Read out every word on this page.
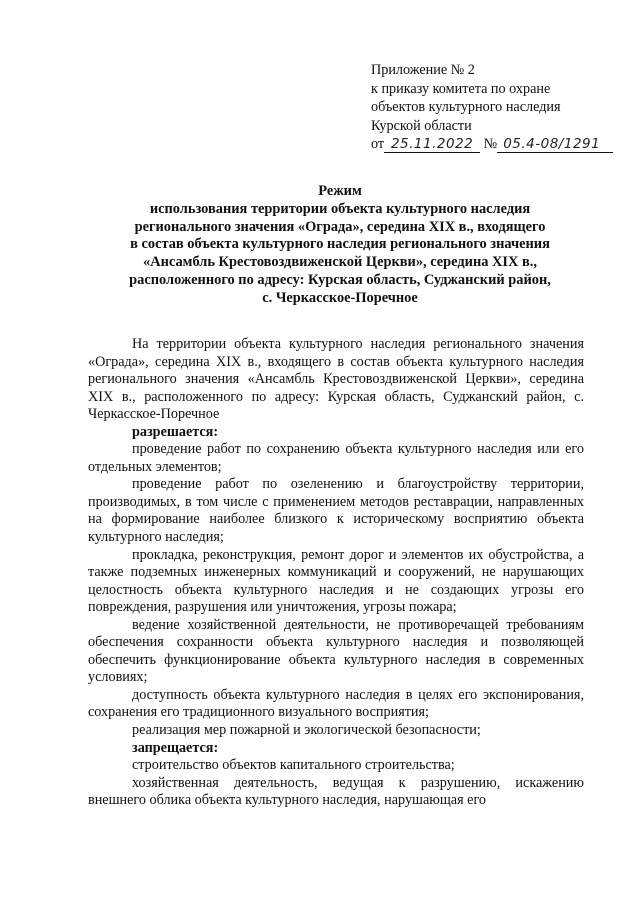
Приложение № 2
к приказу комитета по охране
объектов культурного наследия
Курской области
от 25.11.2022 № 05.4-08/1291
Режим
использования территории объекта культурного наследия
регионального значения «Ограда», середина XIX в., входящего
в состав объекта культурного наследия регионального значения
«Ансамбль Крестовоздвиженской Церкви», середина XIX в.,
расположенного по адресу: Курская область, Суджанский район,
с. Черкасское-Поречное

На территории объекта культурного наследия регионального значения «Ограда», середина XIX в., входящего в состав объекта культурного наследия регионального значения «Ансамбль Крестовоздвиженской Церкви», середина XIX в., расположенного по адресу: Курская область, Суджанский район, с. Черкасское-Поречное

разрешается:

проведение работ по сохранению объекта культурного наследия или его отдельных элементов;

проведение работ по озеленению и благоустройству территории, производимых, в том числе с применением методов реставрации, направленных на формирование наиболее близкого к историческому восприятию объекта культурного наследия;

прокладка, реконструкция, ремонт дорог и элементов их обустройства, а также подземных инженерных коммуникаций и сооружений, не нарушающих целостность объекта культурного наследия и не создающих угрозы его повреждения, разрушения или уничтожения, угрозы пожара;

ведение хозяйственной деятельности, не противоречащей требованиям обеспечения сохранности объекта культурного наследия и позволяющей обеспечить функционирование объекта культурного наследия в современных условиях;

доступность объекта культурного наследия в целях его экспонирования, сохранения его традиционного визуального восприятия;

реализация мер пожарной и экологической безопасности;

запрещается:

строительство объектов капитального строительства;

хозяйственная деятельность, ведущая к разрушению, искажению внешнего облика объекта культурного наследия, нарушающая его
